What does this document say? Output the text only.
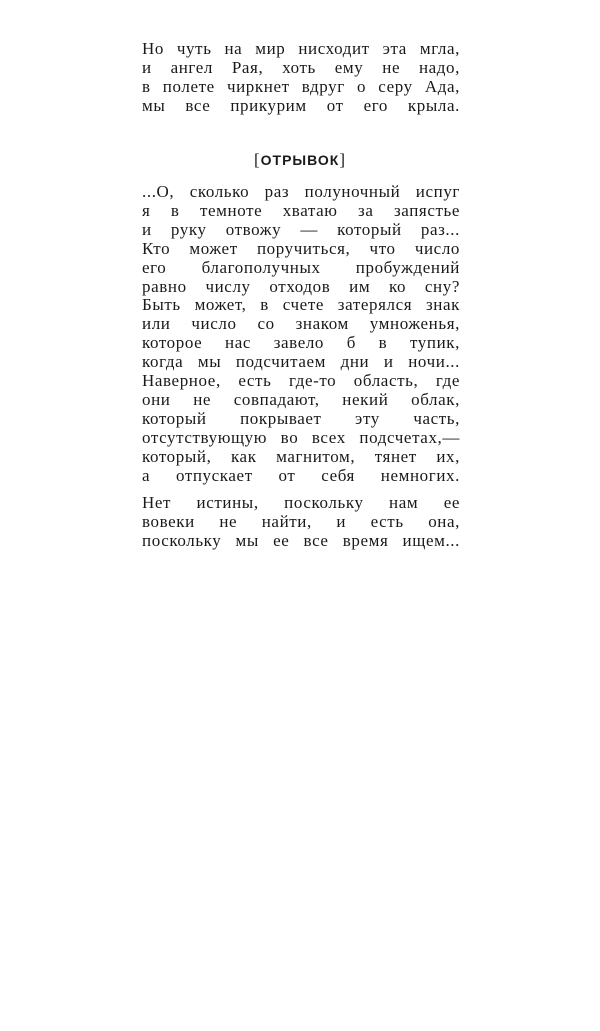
Но чуть на мир нисходит эта мгла,
и ангел Рая, хоть ему не надо,
в полете чиркнет вдруг о серу Ада,
мы все прикурим от его крыла.
[ОТРЫВОК]
...О, сколько раз полуночный испуг
я в темноте хватаю за запястье
и руку отвожу — который раз...
Кто может поручиться, что число
его благополучных пробуждений
равно числу отходов им ко сну?
Быть может, в счете затерялся знак
или число со знаком умноженья,
которое нас завело б в тупик,
когда мы подсчитаем дни и ночи...
Наверное, есть где-то область, где
они не совпадают, некий облак,
который покрывает эту часть,
отсутствующую во всех подсчетах,—
который, как магнитом, тянет их,
а отпускает от себя немногих.
Нет истины, поскольку нам ее
вовеки не найти, и есть она,
поскольку мы ее все время ищем...
